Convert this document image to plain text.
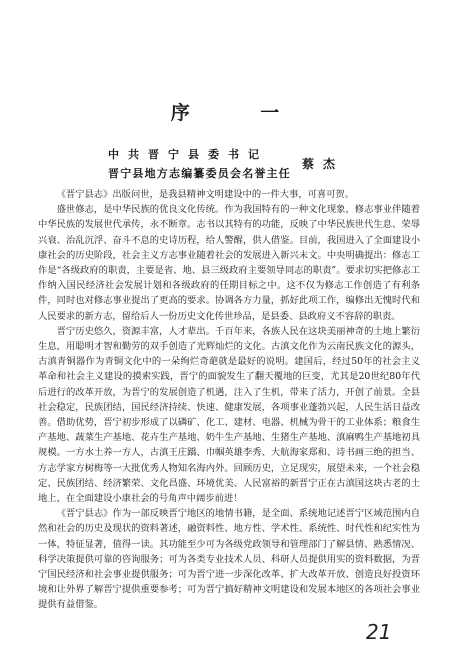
序 一
中共晋宁县委书记
晋宁县地方志编纂委员会名誉主任
蔡杰

《晋宁县志》出版问世，是我县精神文明建设中的一件大事，可喜可贺。

盛世修志，是中华民族的优良文化传统。作为我国特有的一种文化现象，修志事业伴随着中华民族的发展世代承传，永不断章。志书以其特有的功能，反映了中华民族世代生息、荣辱兴衰、治乱沉浮、奋斗不息的史诗历程，给人警醒，供人借鉴。目前，我国进入了全面建设小康社会的历史阶段，社会主义方志事业随着社会的发展进入新兴未文。中央明确提出：修志工作是“各级政府的职责，主要是省、地、县三级政府主要领导同志的职责”。要求切实把修志工作纳入国民经济社会发展计划和各级政府的任期目标之中。这不仅为修志工作创造了有利条件，同时也对修志事业提出了更高的要求。协调各方力量，抓好此项工作，编修出无愧时代和人民要求的新方志，留给后人一份历史文化传世珍品，是县委、县政府义不容辞的职责。

晋宁历史悠久，资源丰富，人才辈出。千百年来，各族人民在这块美丽神奇的土地上繁衍生息，用聪明才智和勤劳的双手创造了光辉灿烂的文化。古滇文化作为云南民族文化的源头，古滇青铜器作为青铜文化中的一朵绚烂奇葩就是最好的说明。建国后，经过50年的社会主义革命和社会主义建设的摸索实践，晋宁的面貌发生了翻天覆地的巨变，尤其是20世纪80年代后进行的改革开放，为晋宁的发展创造了机遇，注入了生机，带来了活力，开创了前景。全县社会稳定，民族团结，国民经济持续、快速、健康发展，各项事业蓬勃兴起，人民生活日益改善。借助优势，晋宁初步形成了以磷矿、化工、建材、电器、机械为骨干的工业体系；粮食生产基地、蔬菜生产基地、花卉生产基地、奶牛生产基地、生猪生产基地、滇麻鸭生产基地初具规模。一方水土养一方人，古滇王庄蹻、巾帼英雄李秀、大航海家郑和、诗书画三绝的担当、方志学家方树梅等一大批优秀人物知名海内外。回顾历史，立足现实，展望未来，一个社会稳定、民族团结、经济繁荣、文化昌盛、环境优美、人民富裕的新晋宁正在古滇国这块古老的土地上，在全面建设小康社会的号角声中阔步前进！

《晋宁县志》作为一部反映晋宁地区的地情书籍，是全面、系统地记述晋宁区域范围内自然和社会的历史及现状的资料著述，融资料性、地方性、学术性、系统性、时代性和纪实性为一体，特征显著，值得一读。其功能至少可为各级党政领导和管理部门了解县情、熟悉情况、科学决策提供可靠的咨询服务；可为各类专业技术人员、科研人员提供用实的资料数据，为晋宁国民经济和社会事业提供服务；可为晋宁进一步深化改革、扩大改革开放、创造良好投资环境和让外界了解晋宁提供重要参考；可为晋宁搞好精神文明建设和发展本地区的各项社会事业提供有益借鉴。

21
